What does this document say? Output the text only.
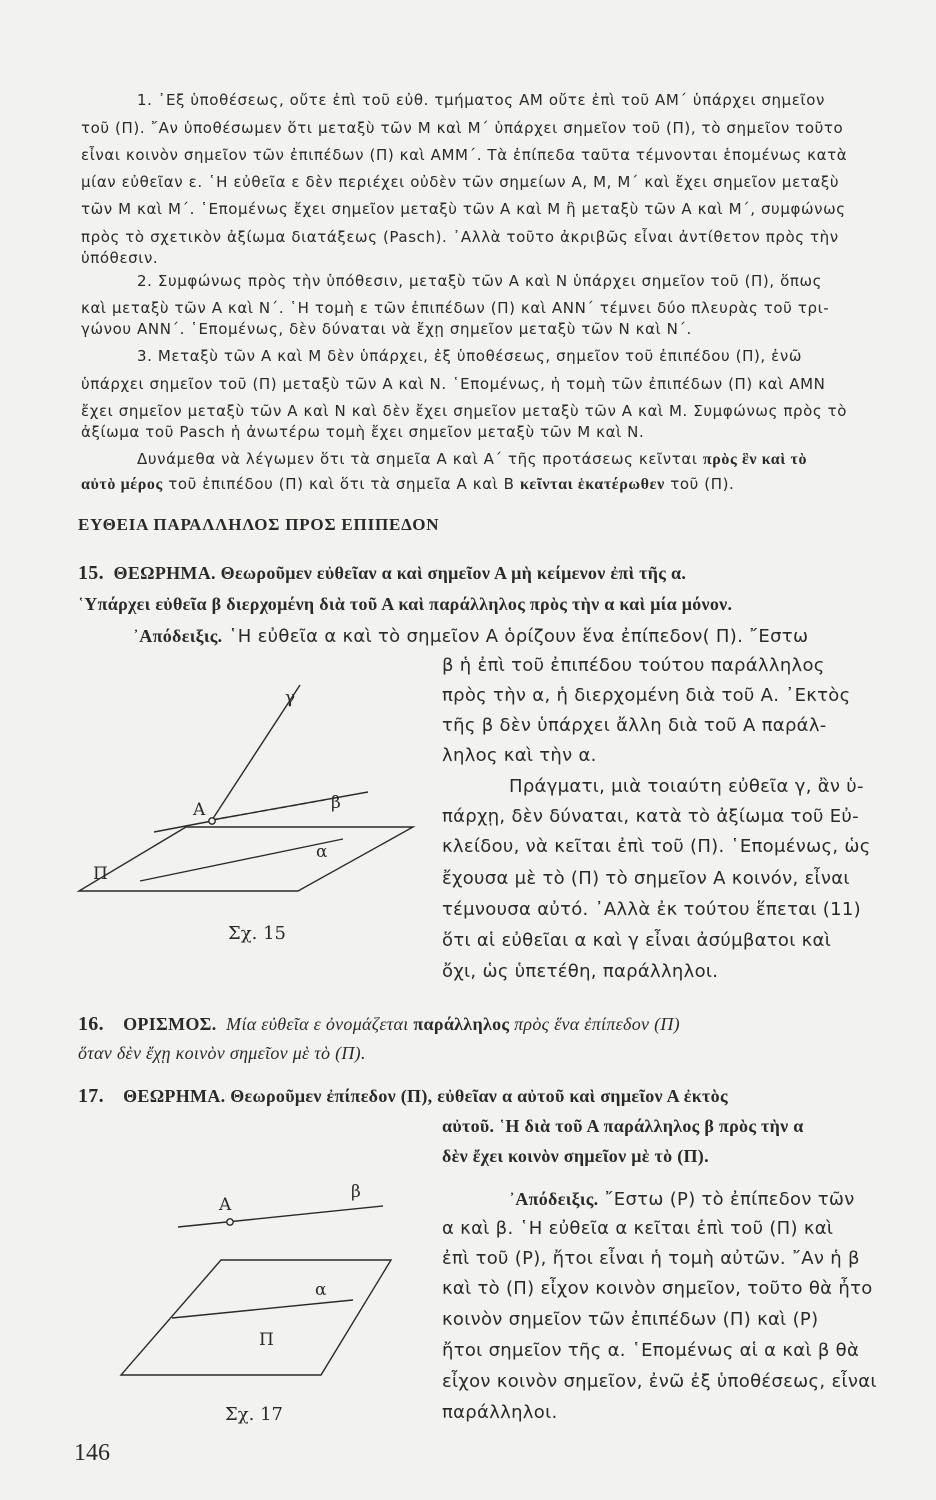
1. ᾿Εξ ὑποθέσεως, οὔτε ἐπὶ τοῦ εὐθ. τμήματος ΑΜ οὔτε ἐπὶ τοῦ ΑΜ΄ ὑπάρχει σημεῖον
τοῦ (Π). ῎Αν ὑποθέσωμεν ὅτι μεταξὺ τῶν Μ καὶ Μ΄ ὑπάρχει σημεῖον τοῦ (Π), τὸ σημεῖον τοῦτο
εἶναι κοινὸν σημεῖον τῶν ἐπιπέδων (Π) καὶ ΑΜΜ΄. Τὰ ἐπίπεδα ταῦτα τέμνονται ἑπομένως κατὰ
μίαν εὐθεῖαν ε. ῾Η εὐθεῖα ε δὲν περιέχει οὐδὲν τῶν σημείων Α, Μ, Μ΄ καὶ ἔχει σημεῖον μεταξὺ
τῶν Μ καὶ Μ΄. ῾Επομένως ἔχει σημεῖον μεταξὺ τῶν Α καὶ Μ ἢ μεταξὺ τῶν Α καὶ Μ΄, συμφώνως
πρὸς τὸ σχετικὸν ἀξίωμα διατάξεως (Pasch). ᾿Αλλὰ τοῦτο ἀκριβῶς εἶναι ἀντίθετον πρὸς τὴν
ὑπόθεσιν.
2. Συμφώνως πρὸς τὴν ὑπόθεσιν, μεταξὺ τῶν Α καὶ Ν ὑπάρχει σημεῖον τοῦ (Π), ὅπως
καὶ μεταξὺ τῶν Α καὶ Ν΄. ῾Η τομὴ ε τῶν ἐπιπέδων (Π) καὶ ΑΝΝ΄ τέμνει δύο πλευρὰς τοῦ τρι-
γώνου ΑΝΝ΄. ῾Επομένως, δὲν δύναται νὰ ἔχῃ σημεῖον μεταξὺ τῶν Ν καὶ Ν΄.
3. Μεταξὺ τῶν Α καὶ Μ δὲν ὑπάρχει, ἐξ ὑποθέσεως, σημεῖον τοῦ ἐπιπέδου (Π), ἐνῶ
ὑπάρχει σημεῖον τοῦ (Π) μεταξὺ τῶν Α καὶ Ν. ῾Επομένως, ἡ τομὴ τῶν ἐπιπέδων (Π) καὶ ΑΜΝ
ἔχει σημεῖον μεταξὺ τῶν Α καὶ Ν καὶ δὲν ἔχει σημεῖον μεταξὺ τῶν Α καὶ Μ. Συμφώνως πρὸς τὸ
ἀξίωμα τοῦ Pasch ἡ ἀνωτέρω τομὴ ἔχει σημεῖον μεταξὺ τῶν Μ καὶ Ν.
Δυνάμεθα νὰ λέγωμεν ὅτι τὰ σημεῖα Α καὶ Α΄ τῆς προτάσεως κεῖνται πρὸς ἓν καὶ τὸ
αὐτὸ μέρος τοῦ ἐπιπέδου (Π) καὶ ὅτι τὰ σημεῖα Α καὶ Β κεῖνται ἑκατέρωθεν τοῦ (Π).
ΕΥΘΕΙΑ ΠΑΡΑΛΛΗΛΟΣ ΠΡΟΣ ΕΠΙΠΕΔΟΝ
15. ΘΕΩΡΗΜΑ. Θεωροῦμεν εὐθεῖαν α καὶ σημεῖον Α μὴ κείμενον ἐπὶ τῆς α.
῾Υπάρχει εὐθεῖα β διερχομένη διὰ τοῦ Α καὶ παράλληλος πρὸς τὴν α καὶ μία μόνον.
᾿Απόδειξις. ῾Η εὐθεῖα α καὶ τὸ σημεῖον Α ὁρίζουν ἕνα ἐπίπεδον( Π). ῎Εστω
β ἡ ἐπὶ τοῦ ἐπιπέδου τούτου παράλληλος
πρὸς τὴν α, ἡ διερχομένη διὰ τοῦ Α. ᾿Εκτὸς
τῆς β δὲν ὑπάρχει ἄλλη διὰ τοῦ Α παράλ-
ληλος καὶ τὴν α.
Πράγματι, μιὰ τοιαύτη εὐθεῖα γ, ἂν ὑ-
πάρχῃ, δὲν δύναται, κατὰ τὸ ἀξίωμα τοῦ Εὐ-
κλείδου, νὰ κεῖται ἐπὶ τοῦ (Π). ῾Επομένως, ὡς
ἔχουσα μὲ τὸ (Π) τὸ σημεῖον Α κοινόν, εἶναι
τέμνουσα αὐτό. ᾿Αλλὰ ἐκ τούτου ἕπεται (11)
ὅτι αἱ εὐθεῖαι α καὶ γ εἶναι ἀσύμβατοι καὶ
ὄχι, ὡς ὑπετέθη, παράλληλοι.
γ
β
α
Α
Π
Σχ. 15
16. ΟΡΙΣΜΟΣ. Μία εὐθεῖα ε ὀνομάζεται παράλληλος πρὸς ἕνα ἐπίπεδον (Π)
ὅταν δὲν ἔχῃ κοινὸν σημεῖον μὲ τὸ (Π).
17. ΘΕΩΡΗΜΑ. Θεωροῦμεν ἐπίπεδον (Π), εὐθεῖαν α αὐτοῦ καὶ σημεῖον Α ἐκτὸς
αὐτοῦ. ῾Η διὰ τοῦ Α παράλληλος β πρὸς τὴν α
δὲν ἔχει κοινὸν σημεῖον μὲ τὸ (Π).
᾿Απόδειξις. ῎Εστω (Ρ) τὸ ἐπίπεδον τῶν
α καὶ β. ῾Η εὐθεῖα α κεῖται ἐπὶ τοῦ (Π) καὶ
ἐπὶ τοῦ (Ρ), ἤτοι εἶναι ἡ τομὴ αὐτῶν. ῎Αν ἡ β
καὶ τὸ (Π) εἶχον κοινὸν σημεῖον, τοῦτο θὰ ἦτο
κοινὸν σημεῖον τῶν ἐπιπέδων (Π) καὶ (Ρ)
ἤτοι σημεῖον τῆς α. ῾Επομένως αἱ α καὶ β θὰ
εἶχον κοινὸν σημεῖον, ἐνῶ ἐξ ὑποθέσεως, εἶναι
παράλληλοι.
Α
β
α
Π
Σχ. 17
146
